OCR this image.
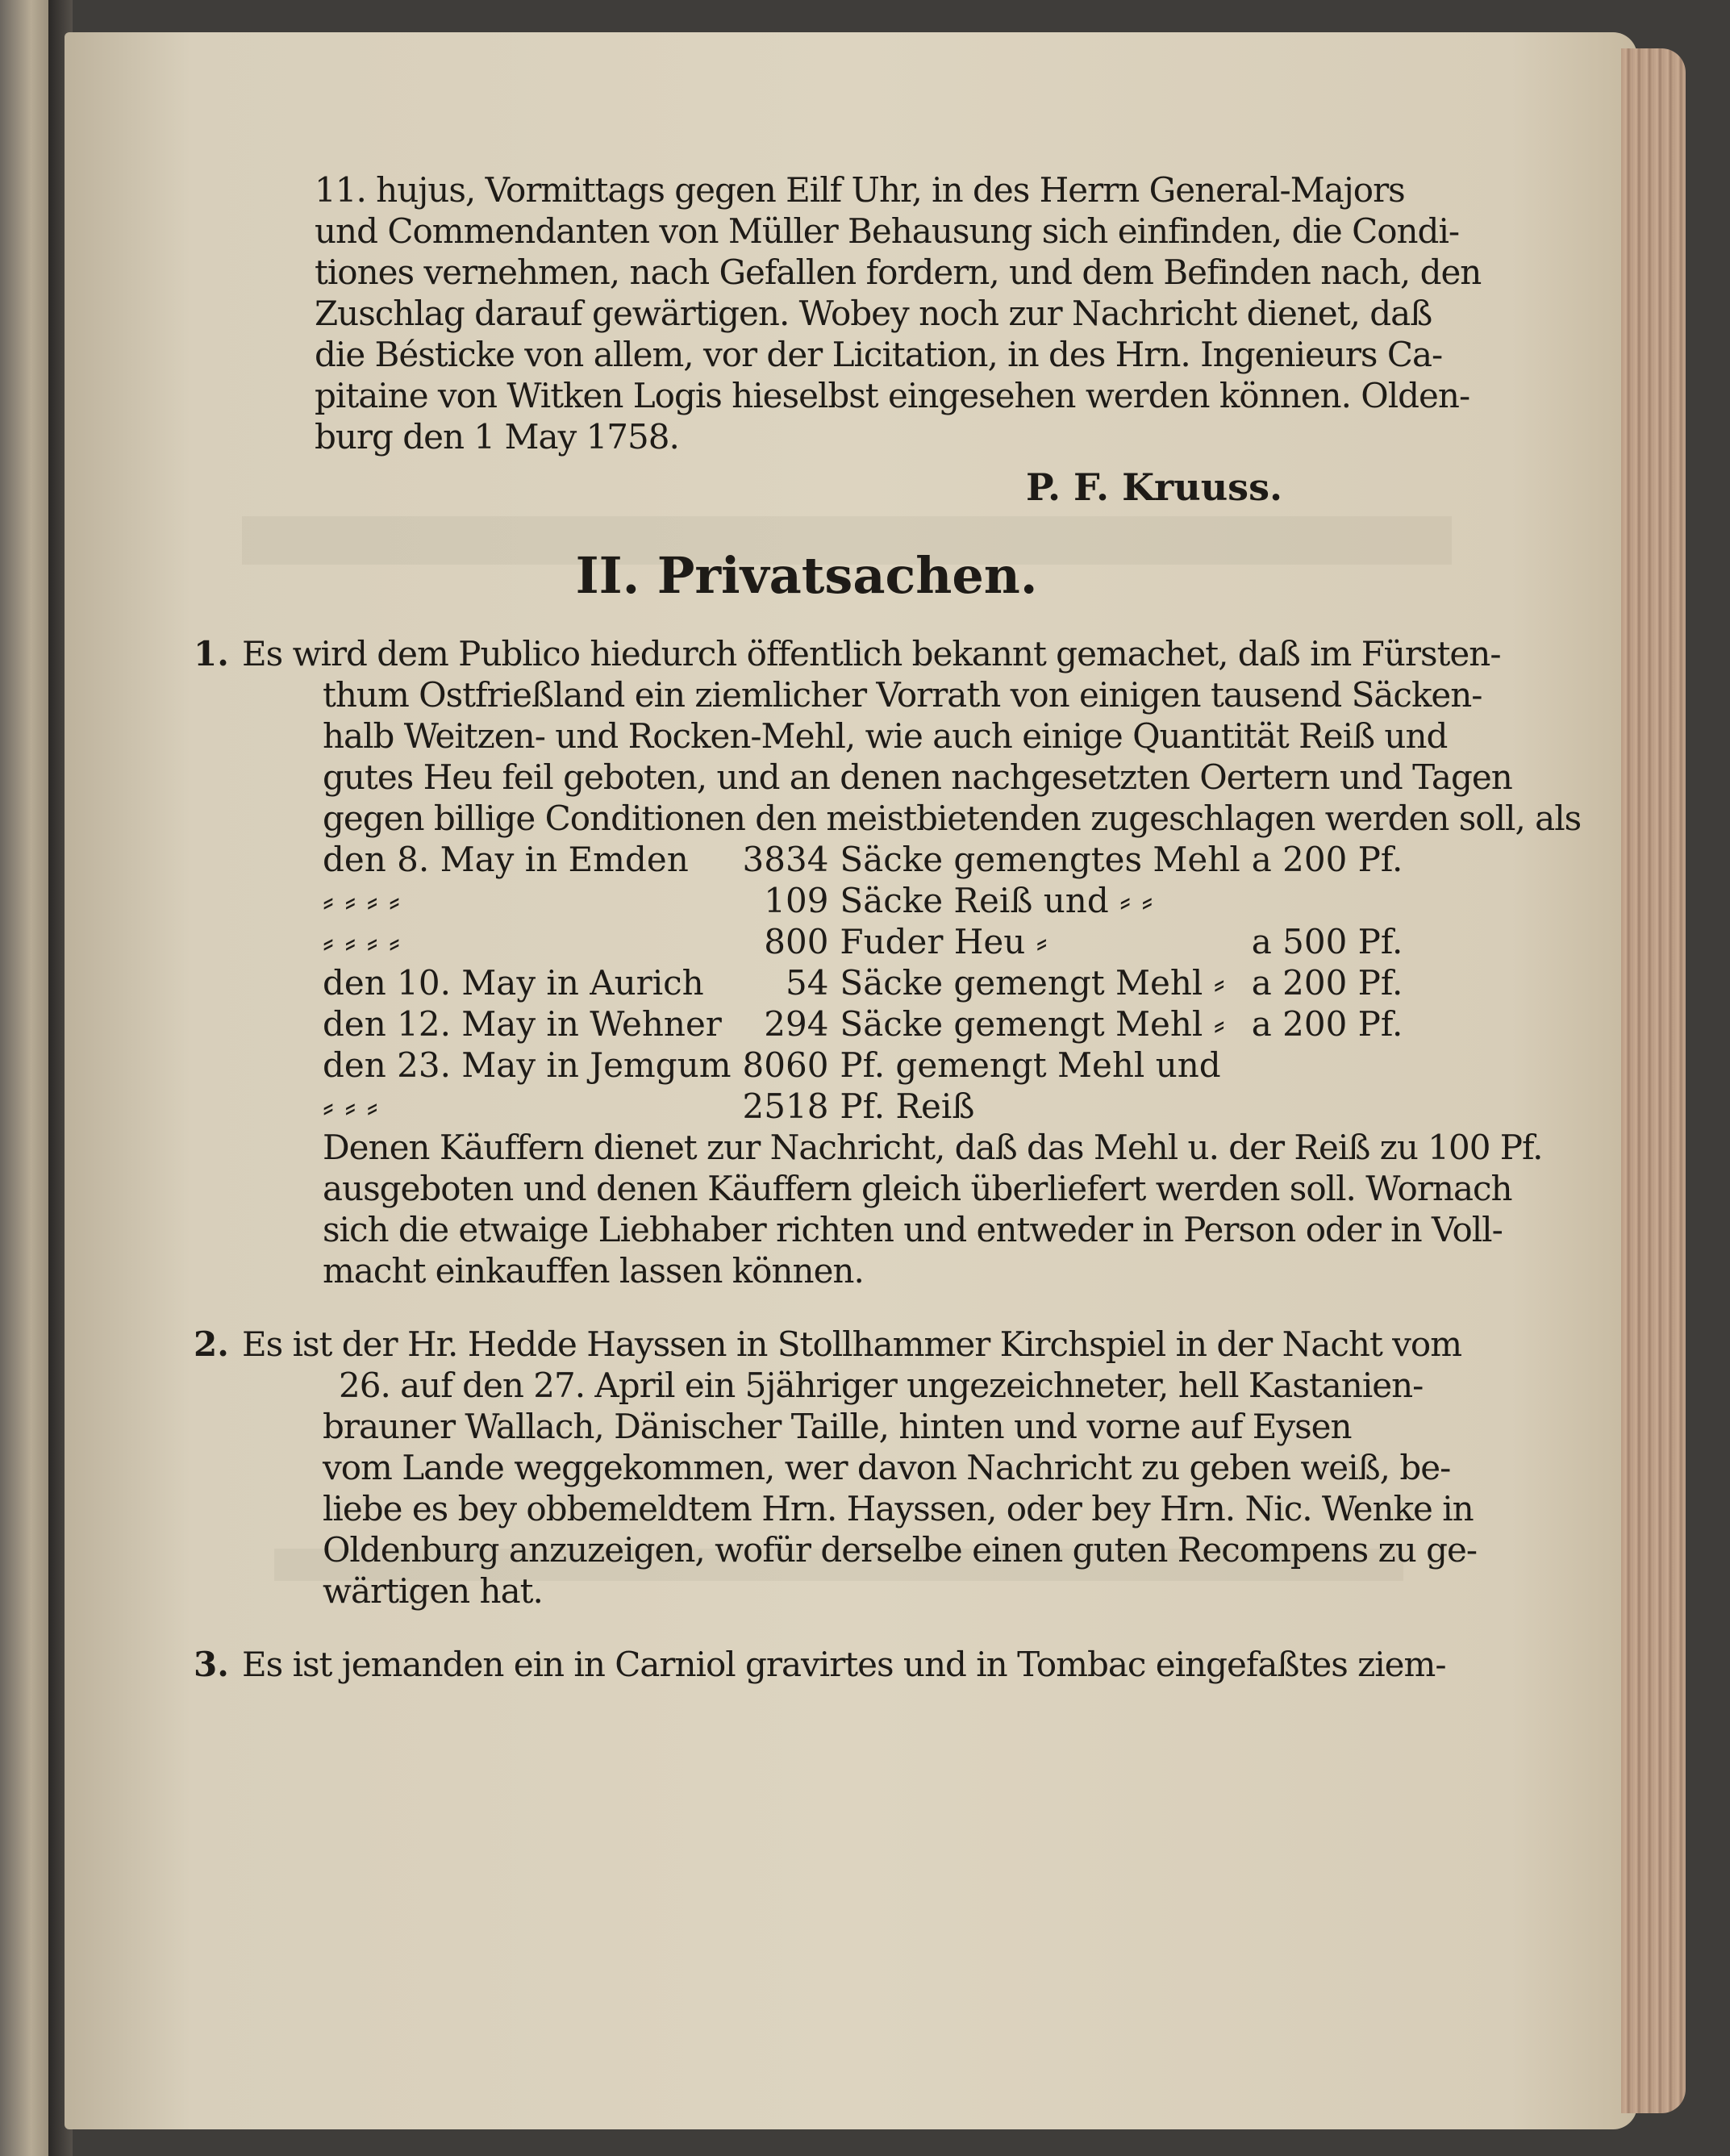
11. hujus, Vormittags gegen Eilf Uhr, in des Herrn General-Majors
und Commendanten von Müller Behausung sich einfinden, die Condi-
tiones vernehmen, nach Gefallen fordern, und dem Befinden nach, den
Zuschlag darauf gewärtigen. Wobey noch zur Nachricht dienet, daß
die Bésticke von allem, vor der Licitation, in des Hrn. Ingenieurs Ca-
pitaine von Witken Logis hieselbst eingesehen werden können. Olden-
burg den 1 May 1758.
P. F. Kruuss.
II. Privatsachen.
1. Es wird dem Publico hiedurch öffentlich bekannt gemachet, daß im Fürsten-
thum Ostfrießland ein ziemlicher Vorrath von einigen tausend Säcken-
halb Weitzen- und Rocken-Mehl, wie auch einige Quantität Reiß und
gutes Heu feil geboten, und an denen nachgesetzten Oertern und Tagen
gegen billige Conditionen den meistbietenden zugeschlagen werden soll, als
den 8. May in Emden	3834	Säcke gemengtes Mehl	a 200 Pf.
⸗ ⸗ ⸗ ⸗	109	Säcke Reiß und ⸗ ⸗	
⸗ ⸗ ⸗ ⸗	800	Fuder Heu ⸗	a 500 Pf.
den 10. May in Aurich	54	Säcke gemengt Mehl ⸗	a 200 Pf.
den 12. May in Wehner	294	Säcke gemengt Mehl ⸗	a 200 Pf.
den 23. May in Jemgum	8060	Pf. gemengt Mehl und	
⸗ ⸗ ⸗	2518	Pf. Reiß	
Denen Käuffern dienet zur Nachricht, daß das Mehl u. der Reiß zu 100 Pf.
ausgeboten und denen Käuffern gleich überliefert werden soll. Wornach
sich die etwaige Liebhaber richten und entweder in Person oder in Voll-
macht einkauffen lassen können.
2. Es ist der Hr. Hedde Hayssen in Stollhammer Kirchspiel in der Nacht vom
26. auf den 27. April ein 5jähriger ungezeichneter, hell Kastanien-
brauner Wallach, Dänischer Taille, hinten und vorne auf Eysen
vom Lande weggekommen, wer davon Nachricht zu geben weiß, be-
liebe es bey obbemeldtem Hrn. Hayssen, oder bey Hrn. Nic. Wenke in
Oldenburg anzuzeigen, wofür derselbe einen guten Recompens zu ge-
wärtigen hat.
3. Es ist jemanden ein in Carniol gravirtes und in Tombac eingefaßtes ziem-
